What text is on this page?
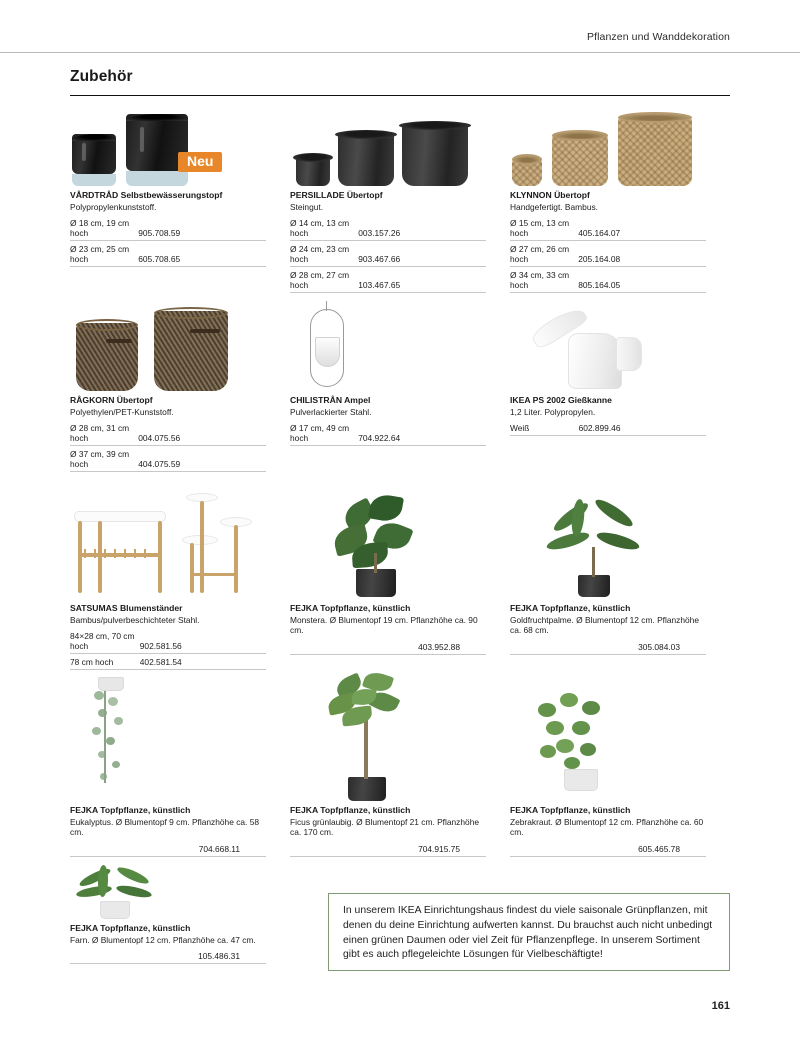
Pflanzen und Wanddekoration
Zubehör
Neu
VÅRDTRÅD Selbstbewässerungstopf
Polypropylenkunststoff.
Ø 18 cm, 19 cm hoch	905.708.59
Ø 23 cm, 25 cm hoch	605.708.65
PERSILLADE Übertopf
Steingut.
Ø 14 cm, 13 cm hoch	003.157.26
Ø 24 cm, 23 cm hoch	903.467.66
Ø 28 cm, 27 cm hoch	103.467.65
KLYNNON Übertopf
Handgefertigt. Bambus.
Ø 15 cm, 13 cm hoch	405.164.07
Ø 27 cm, 26 cm hoch	205.164.08
Ø 34 cm, 33 cm hoch	805.164.05
RÅGKORN Übertopf
Polyethylen/PET-Kunststoff.
Ø 28 cm, 31 cm hoch	004.075.56
Ø 37 cm, 39 cm hoch	404.075.59
CHILISTRÅN Ampel
Pulverlackierter Stahl.
Ø 17 cm, 49 cm hoch	704.922.64
IKEA PS 2002 Gießkanne
1,2 Liter. Polypropylen.
Weiß	602.899.46
SATSUMAS Blumenständer
Bambus/pulverbeschichteter Stahl.
84×28 cm, 70 cm hoch	902.581.56
78 cm hoch	402.581.54
FEJKA Topfpflanze, künstlich
Monstera. Ø Blumentopf 19 cm. Pflanzhöhe ca. 90 cm.
403.952.88
FEJKA Topfpflanze, künstlich
Goldfruchtpalme. Ø Blumentopf 12 cm. Pflanzhöhe ca. 68 cm.
305.084.03
FEJKA Topfpflanze, künstlich
Eukalyptus. Ø Blumentopf 9 cm. Pflanzhöhe ca. 58 cm.
704.668.11
FEJKA Topfpflanze, künstlich
Ficus grünlaubig. Ø Blumentopf 21 cm. Pflanzhöhe ca. 170 cm.
704.915.75
FEJKA Topfpflanze, künstlich
Zebrakraut. Ø Blumentopf 12 cm. Pflanzhöhe ca. 60 cm.
605.465.78
FEJKA Topfpflanze, künstlich
Farn. Ø Blumentopf 12 cm. Pflanzhöhe ca. 47 cm.
105.486.31

In unserem IKEA Einrichtungshaus findest du viele saisonale Grünpflanzen, mit denen du deine Einrichtung aufwerten kannst. Du brauchst auch nicht unbedingt einen grünen Daumen oder viel Zeit für Pflanzenpflege. In unserem Sortiment gibt es auch pflegeleichte Lösungen für Vielbeschäftigte!

161
